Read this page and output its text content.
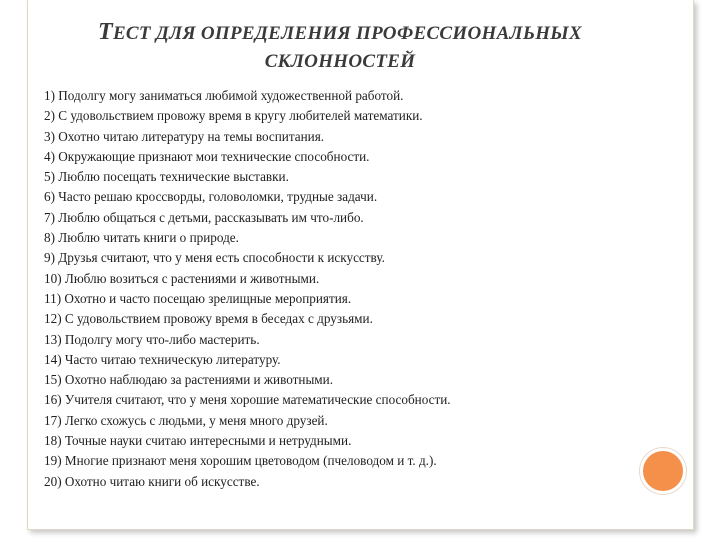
ТЕСТ ДЛЯ ОПРЕДЕЛЕНИЯ ПРОФЕССИОНАЛЬНЫХ
СКЛОННОСТЕЙ
1) Подолгу могу заниматься любимой художественной работой.
2) С удовольствием провожу время в кругу любителей математики.
3) Охотно читаю литературу на темы воспитания.
4) Окружающие признают мои технические способности.
5) Люблю посещать технические выставки.
6) Часто решаю кроссворды, головоломки, трудные задачи.
7) Люблю общаться с детьми, рассказывать им что-либо.
8) Люблю читать книги о природе.
9) Друзья считают, что у меня есть способности к искусству.
10) Люблю возиться с растениями и животными.
11) Охотно и часто посещаю зрелищные мероприятия.
12) С удовольствием провожу время в беседах с друзьями.
13) Подолгу могу что-либо мастерить.
14) Часто читаю техническую литературу.
15) Охотно наблюдаю за растениями и животными.
16) Учителя считают, что у меня хорошие математические способности.
17) Легко схожусь с людьми, у меня много друзей.
18) Точные науки считаю интересными и нетрудными.
19) Многие признают меня хорошим цветоводом (пчеловодом и т. д.).
20) Охотно читаю книги об искусстве.
